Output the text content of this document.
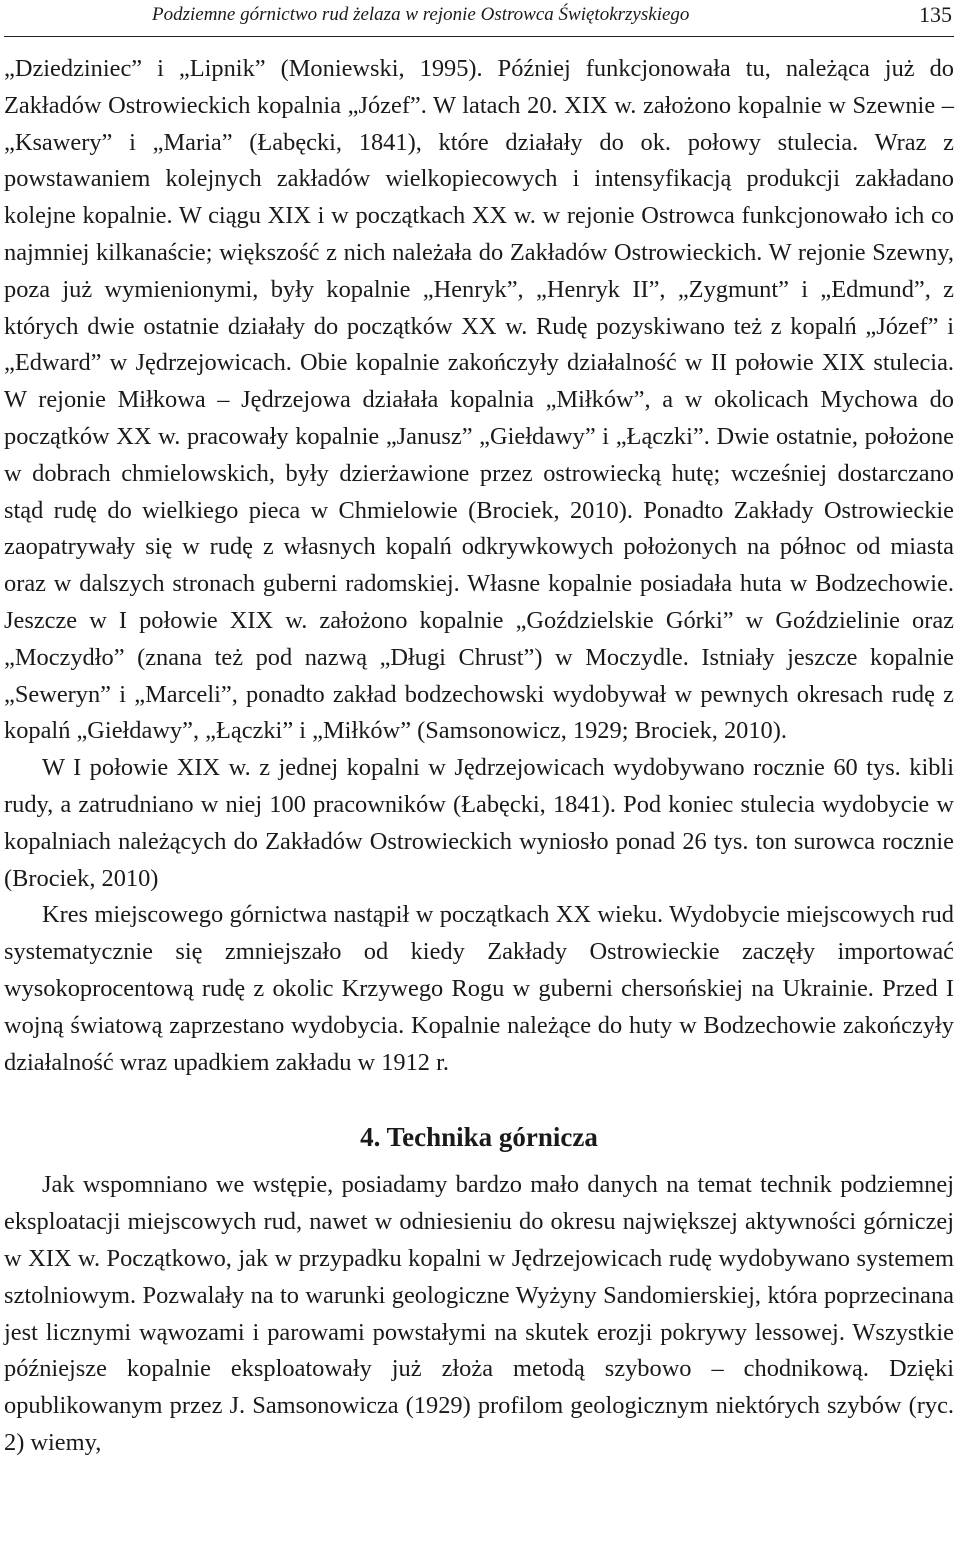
Podziemne górnictwo rud żelaza w rejonie Ostrowca Świętokrzyskiego	135

„Dziedziniec” i „Lipnik” (Moniewski, 1995). Później funkcjonowała tu, należąca już do Zakładów Ostrowieckich kopalnia „Józef”. W latach 20. XIX w. założono kopalnie w Szewnie – „Ksawery” i „Maria” (Łabęcki, 1841), które działały do ok. połowy stulecia. Wraz z powstawaniem kolejnych zakładów wielkopiecowych i intensyfikacją produkcji zakładano kolejne kopalnie. W ciągu XIX i w początkach XX w. w rejonie Ostrowca funkcjonowało ich co najmniej kilkanaście; większość z nich należała do Zakładów Ostrowieckich. W rejonie Szewny, poza już wymienionymi, były kopalnie „Henryk”, „Henryk II”, „Zygmunt” i „Edmund”, z których dwie ostatnie działały do początków XX w. Rudę pozyskiwano też z kopalń „Józef” i „Edward” w Jędrzejowicach. Obie kopalnie zakończyły działalność w II połowie XIX stulecia. W rejonie Miłkowa – Jędrzejowa działała kopalnia „Miłków”, a w okolicach Mychowa do początków XX w. pracowały kopalnie „Janusz” „Giełdawy” i „Łączki”. Dwie ostatnie, położone w dobrach chmielowskich, były dzierżawione przez ostrowiecką hutę; wcześniej dostarczano stąd rudę do wielkiego pieca w Chmielowie (Brociek, 2010). Ponadto Zakłady Ostrowieckie zaopatrywały się w rudę z własnych kopalń odkrywkowych położonych na północ od miasta oraz w dalszych stronach guberni radomskiej. Własne kopalnie posiadała huta w Bodzechowie. Jeszcze w I połowie XIX w. założono kopalnie „Goździelskie Górki” w Goździelinie oraz „Moczydło” (znana też pod nazwą „Długi Chrust”) w Moczydle. Istniały jeszcze kopalnie „Seweryn” i „Marceli”, ponadto zakład bodzechowski wydobywał w pewnych okresach rudę z kopalń „Giełdawy”, „Łączki” i „Miłków” (Samsonowicz, 1929; Brociek, 2010).

W I połowie XIX w. z jednej kopalni w Jędrzejowicach wydobywano rocznie 60 tys. kibli rudy, a zatrudniano w niej 100 pracowników (Łabęcki, 1841). Pod koniec stulecia wydobycie w kopalniach należących do Zakładów Ostrowieckich wyniosło ponad 26 tys. ton surowca rocznie (Brociek, 2010)

Kres miejscowego górnictwa nastąpił w początkach XX wieku. Wydobycie miejscowych rud systematycznie się zmniejszało od kiedy Zakłady Ostrowieckie zaczęły importować wysokoprocentową rudę z okolic Krzywego Rogu w guberni chersońskiej na Ukrainie. Przed I wojną światową zaprzestano wydobycia. Kopalnie należące do huty w Bodzechowie zakończyły działalność wraz upadkiem zakładu w 1912 r.

4. Technika górnicza

Jak wspomniano we wstępie, posiadamy bardzo mało danych na temat technik podziemnej eksploatacji miejscowych rud, nawet w odniesieniu do okresu największej aktywności górniczej w XIX w. Początkowo, jak w przypadku kopalni w Jędrzejowicach rudę wydobywano systemem sztolniowym. Pozwalały na to warunki geologiczne Wyżyny Sandomierskiej, która poprzecinana jest licznymi wąwozami i parowami powstałymi na skutek erozji pokrywy lessowej. Wszystkie późniejsze kopalnie eksploatowały już złoża metodą szybowo – chodnikową. Dzięki opublikowanym przez J. Samsonowicza (1929) profilom geologicznym niektórych szybów (ryc. 2) wiemy,
